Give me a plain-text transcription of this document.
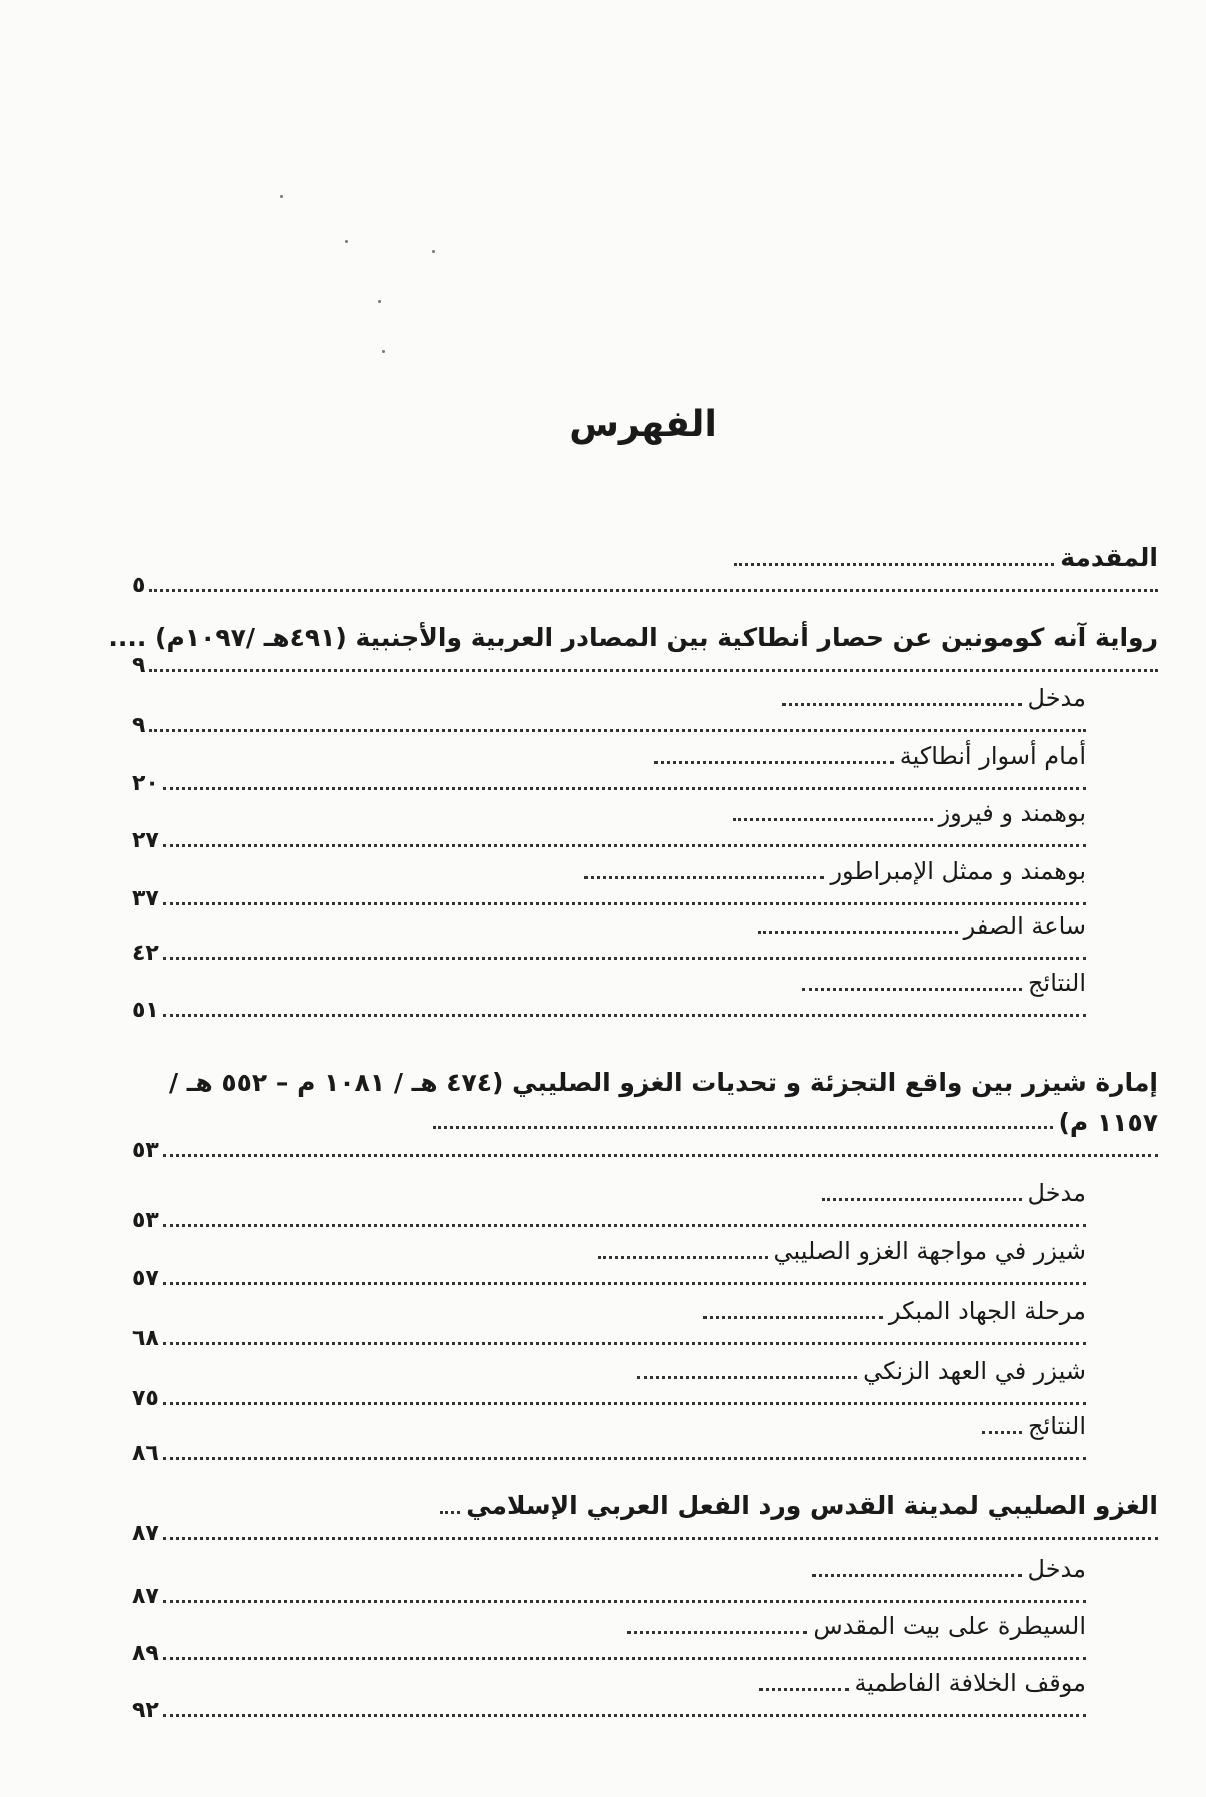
الفهرس
المقدمة
٥
رواية آنه كومونين عن حصار أنطاكية بين المصادر العربية والأجنبية (٤٩١هـ /١٠٩٧م) ....
٩
مدخل
٩
أمام أسوار أنطاكية
٢٠
بوهمند و فيروز
٢٧
بوهمند و ممثل الإمبراطور
٣٧
ساعة الصفر
٤٢
النتائج
٥١
إمارة شيزر بين واقع التجزئة و تحديات الغزو الصليبي (٤٧٤ هـ / ١٠٨١ م – ٥٥٢ هـ /
١١٥٧ م)
٥٣
مدخل
٥٣
شيزر في مواجهة الغزو الصليبي
٥٧
مرحلة الجهاد المبكر
٦٨
شيزر في العهد الزنكي
٧٥
النتائج
٨٦
الغزو الصليبي لمدينة القدس ورد الفعل العربي الإسلامي
٨٧
مدخل
٨٧
السيطرة على بيت المقدس
٨٩
موقف الخلافة الفاطمية
٩٢
